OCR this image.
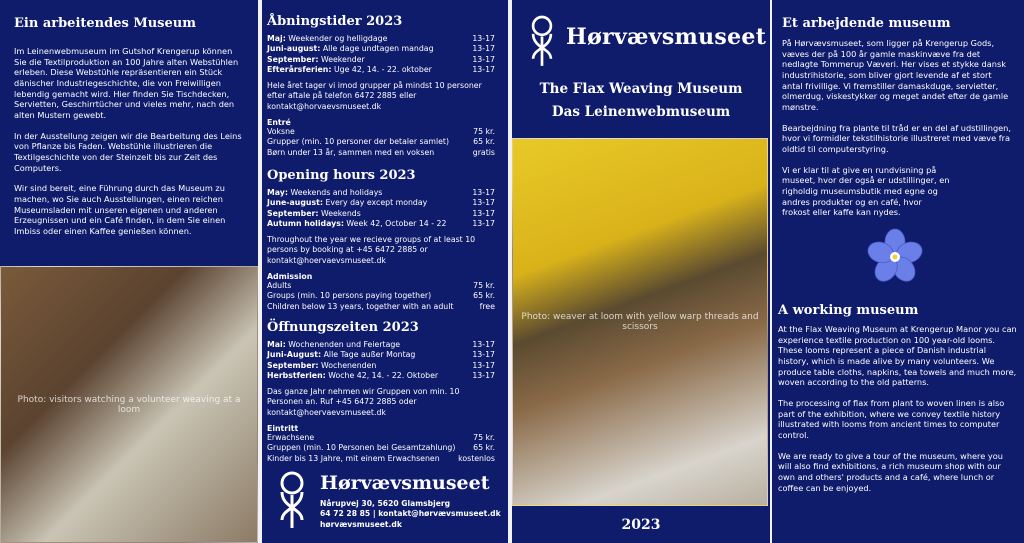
Ein arbeitendes Museum

Im Leinenwebmuseum im Gutshof Krengerup können Sie die Textilproduktion an 100 Jahre alten Webstühlen erleben. Diese Webstühle repräsentieren ein Stück dänischer Industriegeschichte, die von Freiwilligen lebendig gemacht wird. Hier finden Sie Tischdecken, Servietten, Geschirrtücher und vieles mehr, nach den alten Mustern gewebt.

In der Ausstellung zeigen wir die Bearbeitung des Leins von Pflanze bis Faden. Webstühle illustrieren die Textilgeschichte von der Steinzeit bis zur Zeit des Computers.

Wir sind bereit, eine Führung durch das Museum zu machen, wo Sie auch Ausstellungen, einen reichen Museumsladen mit unseren eigenen und anderen Erzeugnissen und ein Café finden, in dem Sie einen Imbiss oder einen Kaffee genießen können.

Photo: visitors watching a volunteer weaving at a loom
Åbningstider 2023
Maj: Weekender og helligdage	13-17
Juni-august: Alle dage undtagen mandag	13-17
September: Weekender	13-17
Efterårsferien: Uge 42, 14. - 22. oktober	13-17

Hele året tager vi imod grupper på mindst 10 personer efter aftale på telefon 6472 2885 eller kontakt@horvaevsmuseet.dk

Entré
Voksne	75 kr.
Grupper (min. 10 personer der betaler samlet)	65 kr.
Børn under 13 år, sammen med en voksen	gratis
Opening hours 2023
May: Weekends and holidays	13-17
June-august: Every day except monday	13-17
September: Weekends	13-17
Autumn holidays: Week 42, October 14 - 22	13-17

Throughout the year we recieve groups of at least 10 persons by booking at +45 6472 2885 or kontakt@hoervaevsmuseet.dk

Admission
Adults	75 kr.
Groups (min. 10 persons paying together)	65 kr.
Children below 13 years, together with an adult	free
Öffnungszeiten 2023
Mai: Wochenenden und Feiertage	13-17
Juni-August: Alle Tage außer Montag	13-17
September: Wochenenden	13-17
Herbstferien: Woche 42, 14. - 22. Oktober	13-17

Das ganze Jahr nehmen wir Gruppen von min. 10 Personen an. Ruf +45 6472 2885 oder kontakt@hoervaevsmuseet.dk

Eintritt
Erwachsene	75 kr.
Gruppen (min. 10 Personen bei Gesamtzahlung) 65 kr.
Kinder bis 13 Jahre, mit einem Erwachsenen kostenlos
Hørvævsmuseet
Nårupvej 30, 5620 Glamsbjerg
64 72 28 85 | kontakt@hørvævsmuseet.dk
hørvævsmuseet.dk
Hørvævsmuseet
The Flax Weaving Museum
Das Leinenwebmuseum
Photo: weaver at loom with yellow warp threads and scissors
2023
Et arbejdende museum

På Hørvævsmuseet, som ligger på Krengerup Gods, væves der på 100 år gamle maskinvæve fra det nedlagte Tommerup Væveri. Her vises et stykke dansk industrihistorie, som bliver gjort levende af et stort antal frivillige. Vi fremstiller damaskduge, servietter, olmerdug, viskestykker og meget andet efter de gamle mønstre.

Bearbejdning fra plante til tråd er en del af udstillingen, hvor vi formidler tekstilhistorie illustreret med væve fra oldtid til computerstyring.

Vi er klar til at give en rundvisning på museet, hvor der også er udstillinger, en righoldig museumsbutik med egne og andres produkter og en café, hvor frokost eller kaffe kan nydes.

A working museum

At the Flax Weaving Museum at Krengerup Manor you can experience textile production on 100 year-old looms. These looms represent a piece of Danish industrial history, which is made alive by many volunteers. We produce table cloths, napkins, tea towels and much more, woven according to the old patterns.

The processing of flax from plant to woven linen is also part of the exhibition, where we convey textile history illustrated with looms from ancient times to computer control.

We are ready to give a tour of the museum, where you will also find exhibitions, a rich museum shop with our own and others' products and a café, where lunch or coffee can be enjoyed.
